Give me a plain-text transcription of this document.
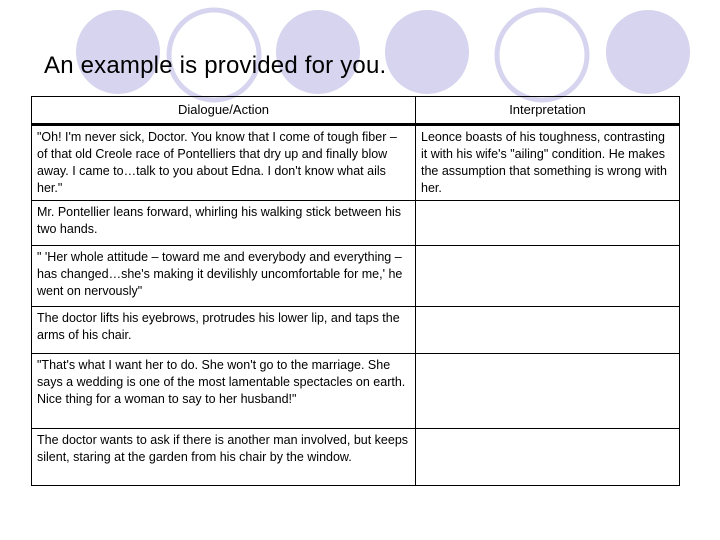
An example is provided for you.
Dialogue/Action	Interpretation
"Oh! I'm never sick, Doctor. You know that I come of tough fiber – of that old Creole race of Pontelliers that dry up and finally blow away. I came to…talk to you about Edna. I don't know what ails her."	Leonce boasts of his toughness, contrasting it with his wife's "ailing" condition. He makes the assumption that something is wrong with her.
Mr. Pontellier leans forward, whirling his walking stick between his two hands.	
" 'Her whole attitude – toward me and everybody and everything – has changed…she's making it devilishly uncomfortable for me,' he went on nervously"	
The doctor lifts his eyebrows, protrudes his lower lip, and taps the arms of his chair.	
"That's what I want her to do. She won't go to the marriage. She says a wedding is one of the most lamentable spectacles on earth. Nice thing for a woman to say to her husband!"	
The doctor wants to ask if there is another man involved, but keeps silent, staring at the garden from his chair by the window.	
